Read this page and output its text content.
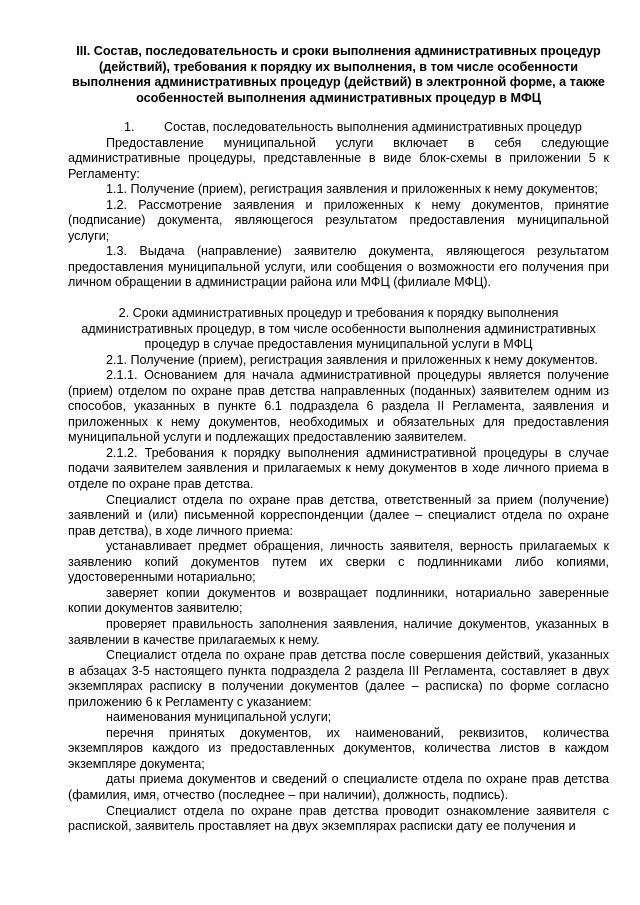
III. Состав, последовательность и сроки выполнения административных процедур (действий), требования к порядку их выполнения, в том числе особенности выполнения административных процедур (действий) в электронной форме, а также особенностей выполнения административных процедур в МФЦ
1. Состав, последовательность выполнения административных процедур

Предоставление муниципальной услуги включает в себя следующие административные процедуры, представленные в виде блок-схемы в приложении 5 к Регламенту:

1.1. Получение (прием), регистрация заявления и приложенных к нему документов;

1.2. Рассмотрение заявления и приложенных к нему документов, принятие (подписание) документа, являющегося результатом предоставления муниципальной услуги;

1.3. Выдача (направление) заявителю документа, являющегося результатом предоставления муниципальной услуги, или сообщения о возможности его получения при личном обращении в администрации района или МФЦ (филиале МФЦ).

2. Сроки административных процедур и требования к порядку выполнения административных процедур, в том числе особенности выполнения административных процедур в случае предоставления муниципальной услуги в МФЦ

2.1. Получение (прием), регистрация заявления и приложенных к нему документов.

2.1.1. Основанием для начала административной процедуры является получение (прием) отделом по охране прав детства направленных (поданных) заявителем одним из способов, указанных в пункте 6.1 подраздела 6 раздела II Регламента, заявления и приложенных к нему документов, необходимых и обязательных для предоставления муниципальной услуги и подлежащих предоставлению заявителем.

2.1.2. Требования к порядку выполнения административной процедуры в случае подачи заявителем заявления и прилагаемых к нему документов в ходе личного приема в отделе по охране прав детства.

Специалист отдела по охране прав детства, ответственный за прием (получение) заявлений и (или) письменной корреспонденции (далее – специалист отдела по охране прав детства), в ходе личного приема:

устанавливает предмет обращения, личность заявителя, верность прилагаемых к заявлению копий документов путем их сверки с подлинниками либо копиями, удостоверенными нотариально;

заверяет копии документов и возвращает подлинники, нотариально заверенные копии документов заявителю;

проверяет правильность заполнения заявления, наличие документов, указанных в заявлении в качестве прилагаемых к нему.

Специалист отдела по охране прав детства после совершения действий, указанных в абзацах 3-5 настоящего пункта подраздела 2 раздела III Регламента, составляет в двух экземплярах расписку в получении документов (далее – расписка) по форме согласно приложению 6 к Регламенту с указанием:

наименования муниципальной услуги;

перечня принятых документов, их наименований, реквизитов, количества экземпляров каждого из предоставленных документов, количества листов в каждом экземпляре документа;

даты приема документов и сведений о специалисте отдела по охране прав детства (фамилия, имя, отчество (последнее – при наличии), должность, подпись).

Специалист отдела по охране прав детства проводит ознакомление заявителя с распиской, заявитель проставляет на двух экземплярах расписки дату ее получения и
